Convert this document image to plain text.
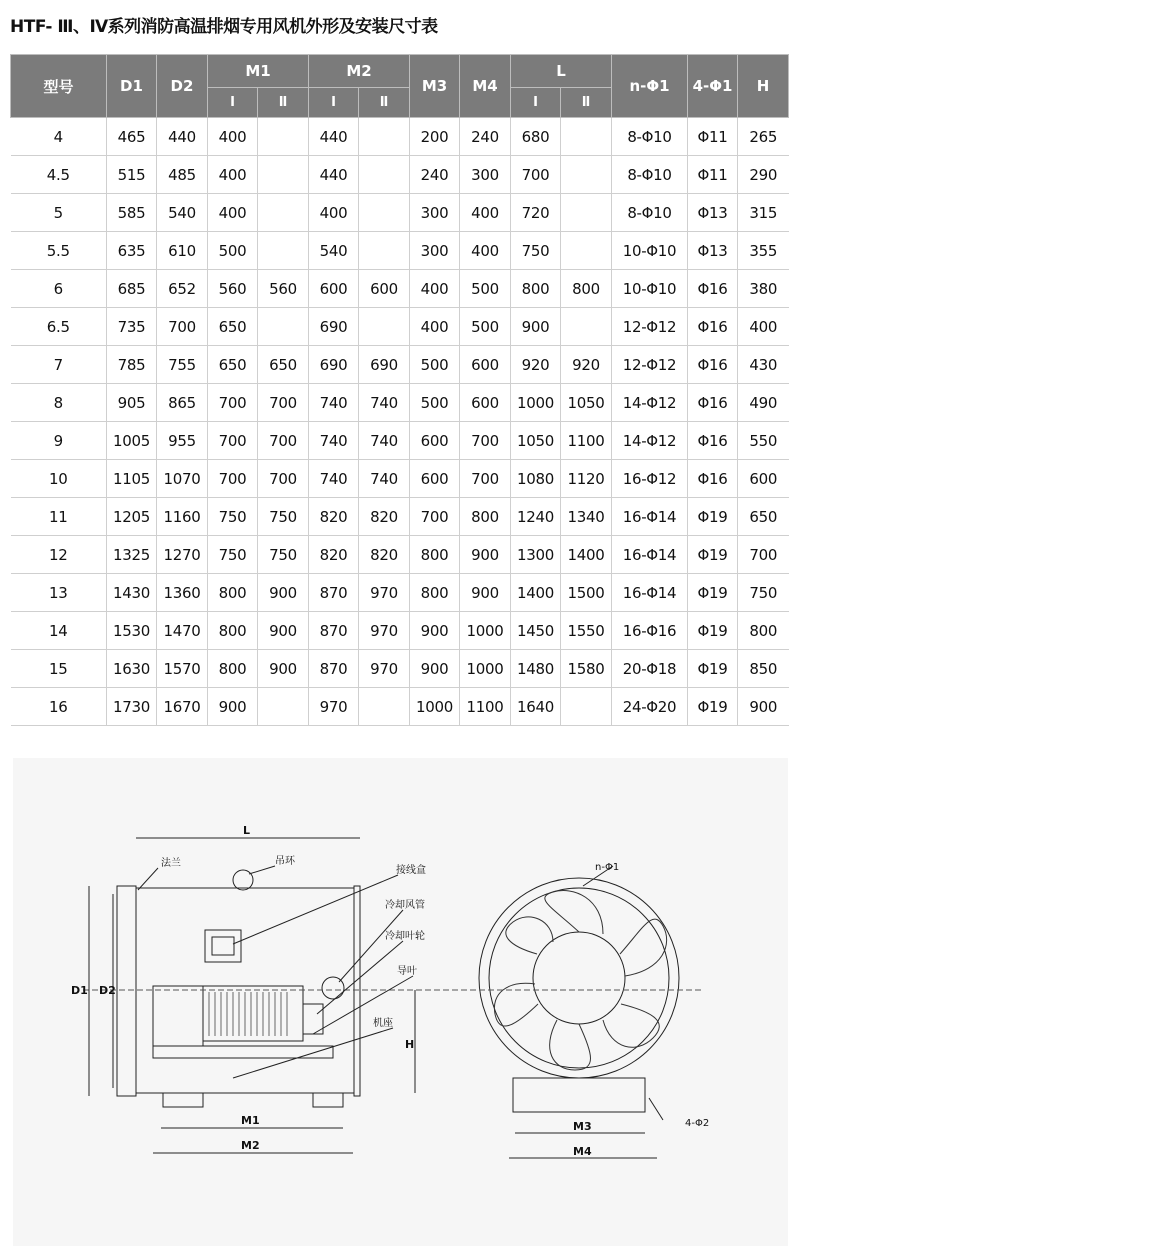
HTF- Ⅲ、Ⅳ系列消防高温排烟专用风机外形及安装尺寸表
型号	D1	D2	M1		M2		M3	M4	L		n-Φ1	4-Φ1	H
			Ⅰ	Ⅱ	Ⅰ	Ⅱ			Ⅰ	Ⅱ			
4	465	440	400		440		200	240	680		8-Φ10	Φ11	265
4.5	515	485	400		440		240	300	700		8-Φ10	Φ11	290
5	585	540	400		400		300	400	720		8-Φ10	Φ13	315
5.5	635	610	500		540		300	400	750		10-Φ10	Φ13	355
6	685	652	560	560	600	600	400	500	800	800	10-Φ10	Φ16	380
6.5	735	700	650		690		400	500	900		12-Φ12	Φ16	400
7	785	755	650	650	690	690	500	600	920	920	12-Φ12	Φ16	430
8	905	865	700	700	740	740	500	600	1000	1050	14-Φ12	Φ16	490
9	1005	955	700	700	740	740	600	700	1050	1100	14-Φ12	Φ16	550
10	1105	1070	700	700	740	740	600	700	1080	1120	16-Φ12	Φ16	600
11	1205	1160	750	750	820	820	700	800	1240	1340	16-Φ14	Φ19	650
12	1325	1270	750	750	820	820	800	900	1300	1400	16-Φ14	Φ19	700
13	1430	1360	800	900	870	970	800	900	1400	1500	16-Φ14	Φ19	750
14	1530	1470	800	900	870	970	900	1000	1450	1550	16-Φ16	Φ19	800
15	1630	1570	800	900	870	970	900	1000	1480	1580	20-Φ18	Φ19	850
16	1730	1670	900		970		1000	1100	1640		24-Φ20	Φ19	900
L
法兰	吊环
接线盒
冷却风管
冷却叶轮
导叶
机座
D1 D2
H
M1
M2
M3
M4
n-Φ1
4-Φ2
